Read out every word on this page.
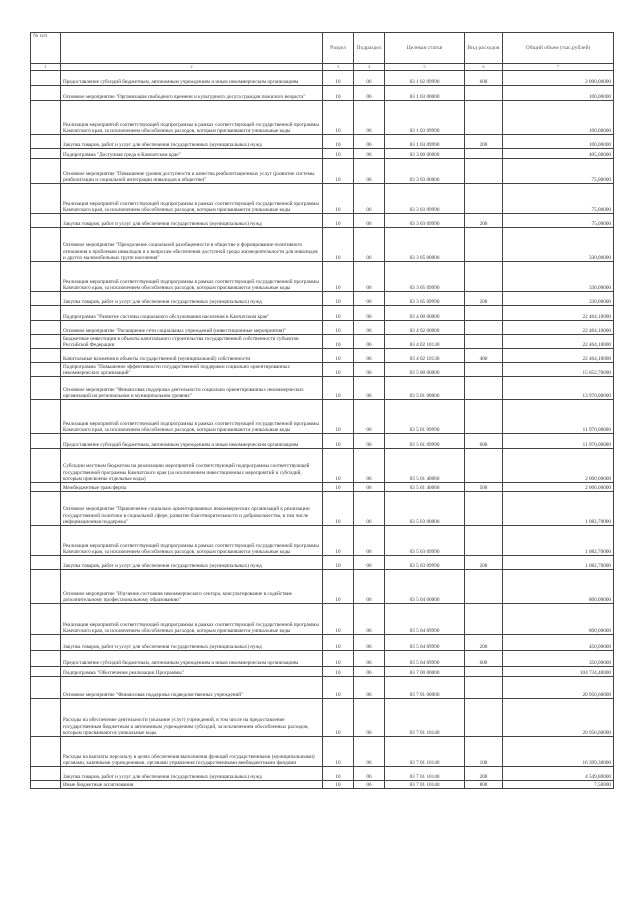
№ п/п		Раздел	Подраздел	Целевая статья	Вид расходов	Общий объем (тыс.рублей)
1	2	3	4	5	6	7
	Предоставление субсидий бюджетным, автономным учреждениям и иным некоммерческим организациям	10	06	03 1 02 09990	600	2 000,00000
	Основное мероприятие "Организация свободного времени и культурного досуга граждан пожилого возраста"	10	06	03 1 03 00000		100,00000
	Реализация мероприятий соответствующей подпрограммы в рамках соответствующей государственной программы Камчатского края, за исключением обособленных расходов, которым присваиваются уникальные коды	10	06	03 1 03 09990		100,00000
	Закупка товаров, работ и услуг для обеспечения государственных (муниципальных) нужд	10	06	03 1 03 09990	200	100,00000
	Подпрограмма "Доступная среда в Камчатском крае"	10	06	03 3 00 00000		405,00000
	Основное мероприятие "Повышение уровня доступности и качества реабилитационных услуг (развитие системы реабилитации и социальной интеграции инвалидов в обществе)"	10	06	03 3 03 00000		75,00000
	Реализация мероприятий соответствующей подпрограммы в рамках соответствующей государственной программы Камчатского края, за исключением обособленных расходов, которым присваиваются уникальные коды	10	06	03 3 03 09990		75,00000
	Закупка товаров, работ и услуг для обеспечения государственных (муниципальных) нужд	10	06	03 3 03 09990	200	75,00000
	Основное мероприятие "Преодоление социальной разобщенности в обществе и формирование позитивного отношения к проблемам инвалидов и к вопросам обеспечения доступной среды жизнедеятельности для инвалидов и других маломобильных групп населения"	10	06	03 3 05 00000		330,00000
	Реализация мероприятий соответствующей подпрограммы в рамках соответствующей государственной программы Камчатского края, за исключением обособленных расходов, которым присваиваются уникальные коды	10	06	03 3 05 09990		330,00000
	Закупка товаров, работ и услуг для обеспечения государственных (муниципальных) нужд	10	06	03 3 05 09990	200	330,00000
	Подпрограмма "Развитие системы социального обслуживания населения в Камчатском крае"	10	06	03 4 00 00000		22 464,10000
	Основное мероприятие "Расширение сети социальных учреждений (инвестиционные мероприятия)"	10	06	03 4 02 00000		22 464,10000
	Бюджетные инвестиции в объекты капитального строительства государственной собственности субъектов Российской Федерации	10	06	03 4 02 10130		22 464,10000
	Капитальные вложения в объекты государственной (муниципальной) собственности	10	06	03 4 02 10130	400	22 464,10000
	Подпрограмма "Повышение эффективности государственной поддержки социально ориентированных некоммерческих организаций"	10	06	03 5 00 00000		15 852,70000
	Основное мероприятие "Финансовая поддержка деятельности социально ориентированных некоммерческих организаций на региональном и муниципальном уровнях"	10	06	03 5 01 00000		13 970,00000
	Реализация мероприятий соответствующей подпрограммы в рамках соответствующей государственной программы Камчатского края, за исключением обособленных расходов, которым присваиваются уникальные коды	10	06	03 5 01 09990		11 970,00000
	Предоставление субсидий бюджетным, автономным учреждениям и иным некоммерческим организациям	10	06	03 5 01 09990	600	11 970,00000
	Субсидии местным бюджетам на реализацию мероприятий соответствующей подпрограммы соответствующей государственной программы Камчатского края (за исключением инвестиционных мероприятий и субсидий, которым присвоены отдельные коды)	10	06	03 5 01 40060		2 000,00000
	Межбюджетные трансферты	10	06	03 5 01 40060	500	2 000,00000
	Основное мероприятие "Привлечение социально ориентированных некоммерческих организаций к реализации государственной политики в социальной сфере, развитие благотворительности и добровольчества, в том числе информационная поддержка"	10	06	03 5 03 00000		1 082,70000
	Реализация мероприятий соответствующей подпрограммы в рамках соответствующей государственной программы Камчатского края, за исключением обособленных расходов, которым присваиваются уникальные коды	10	06	03 5 03 09990		1 082,70000
	Закупка товаров, работ и услуг для обеспечения государственных (муниципальных) нужд	10	06	03 5 03 09990	200	1 082,70000
	Основное мероприятие "Изучение состояния некоммерческого сектора, консультирование в содействие дополнительному профессиональному образованию"	10	06	03 5 04 00000		800,00000
	Реализация мероприятий соответствующей подпрограммы в рамках соответствующей государственной программы Камчатского края, за исключением обособленных расходов, которым присваиваются уникальные коды	10	06	03 5 04 09990		800,00000
	Закупка товаров, работ и услуг для обеспечения государственных (муниципальных) нужд	10	06	03 5 04 09990	200	450,00000
	Предоставление субсидий бюджетным, автономным учреждениям и иным некоммерческим организациям	10	06	03 5 04 09990	600	350,00000
	Подпрограмма "Обеспечение реализации Программы"	10	06	03 7 00 00000		104 734,40000
	Основное мероприятие "Финансовая поддержка подведомственных учреждений"	10	06	03 7 01 00000		20 956,60000
	Расходы на обеспечение деятельности (оказание услуг) учреждений, в том числе на предоставление государственным бюджетным и автономным учреждениям субсидий, за исключением обособленных расходов, которым присваиваются уникальные коды	10	06	03 7 01 10140		20 956,60000
	Расходы на выплаты персоналу в целях обеспечения выполнения функций государственными (муниципальными) органами, казенными учреждениями, органами управления государственными внебюджетными фондами	10	06	03 7 01 10140	100	16 399,30000
	Закупка товаров, работ и услуг для обеспечения государственных (муниципальных) нужд	10	06	03 7 01 10140	200	4 549,80000
	Иные бюджетные ассигнования	10	06	03 7 01 10140	800	7,50000
